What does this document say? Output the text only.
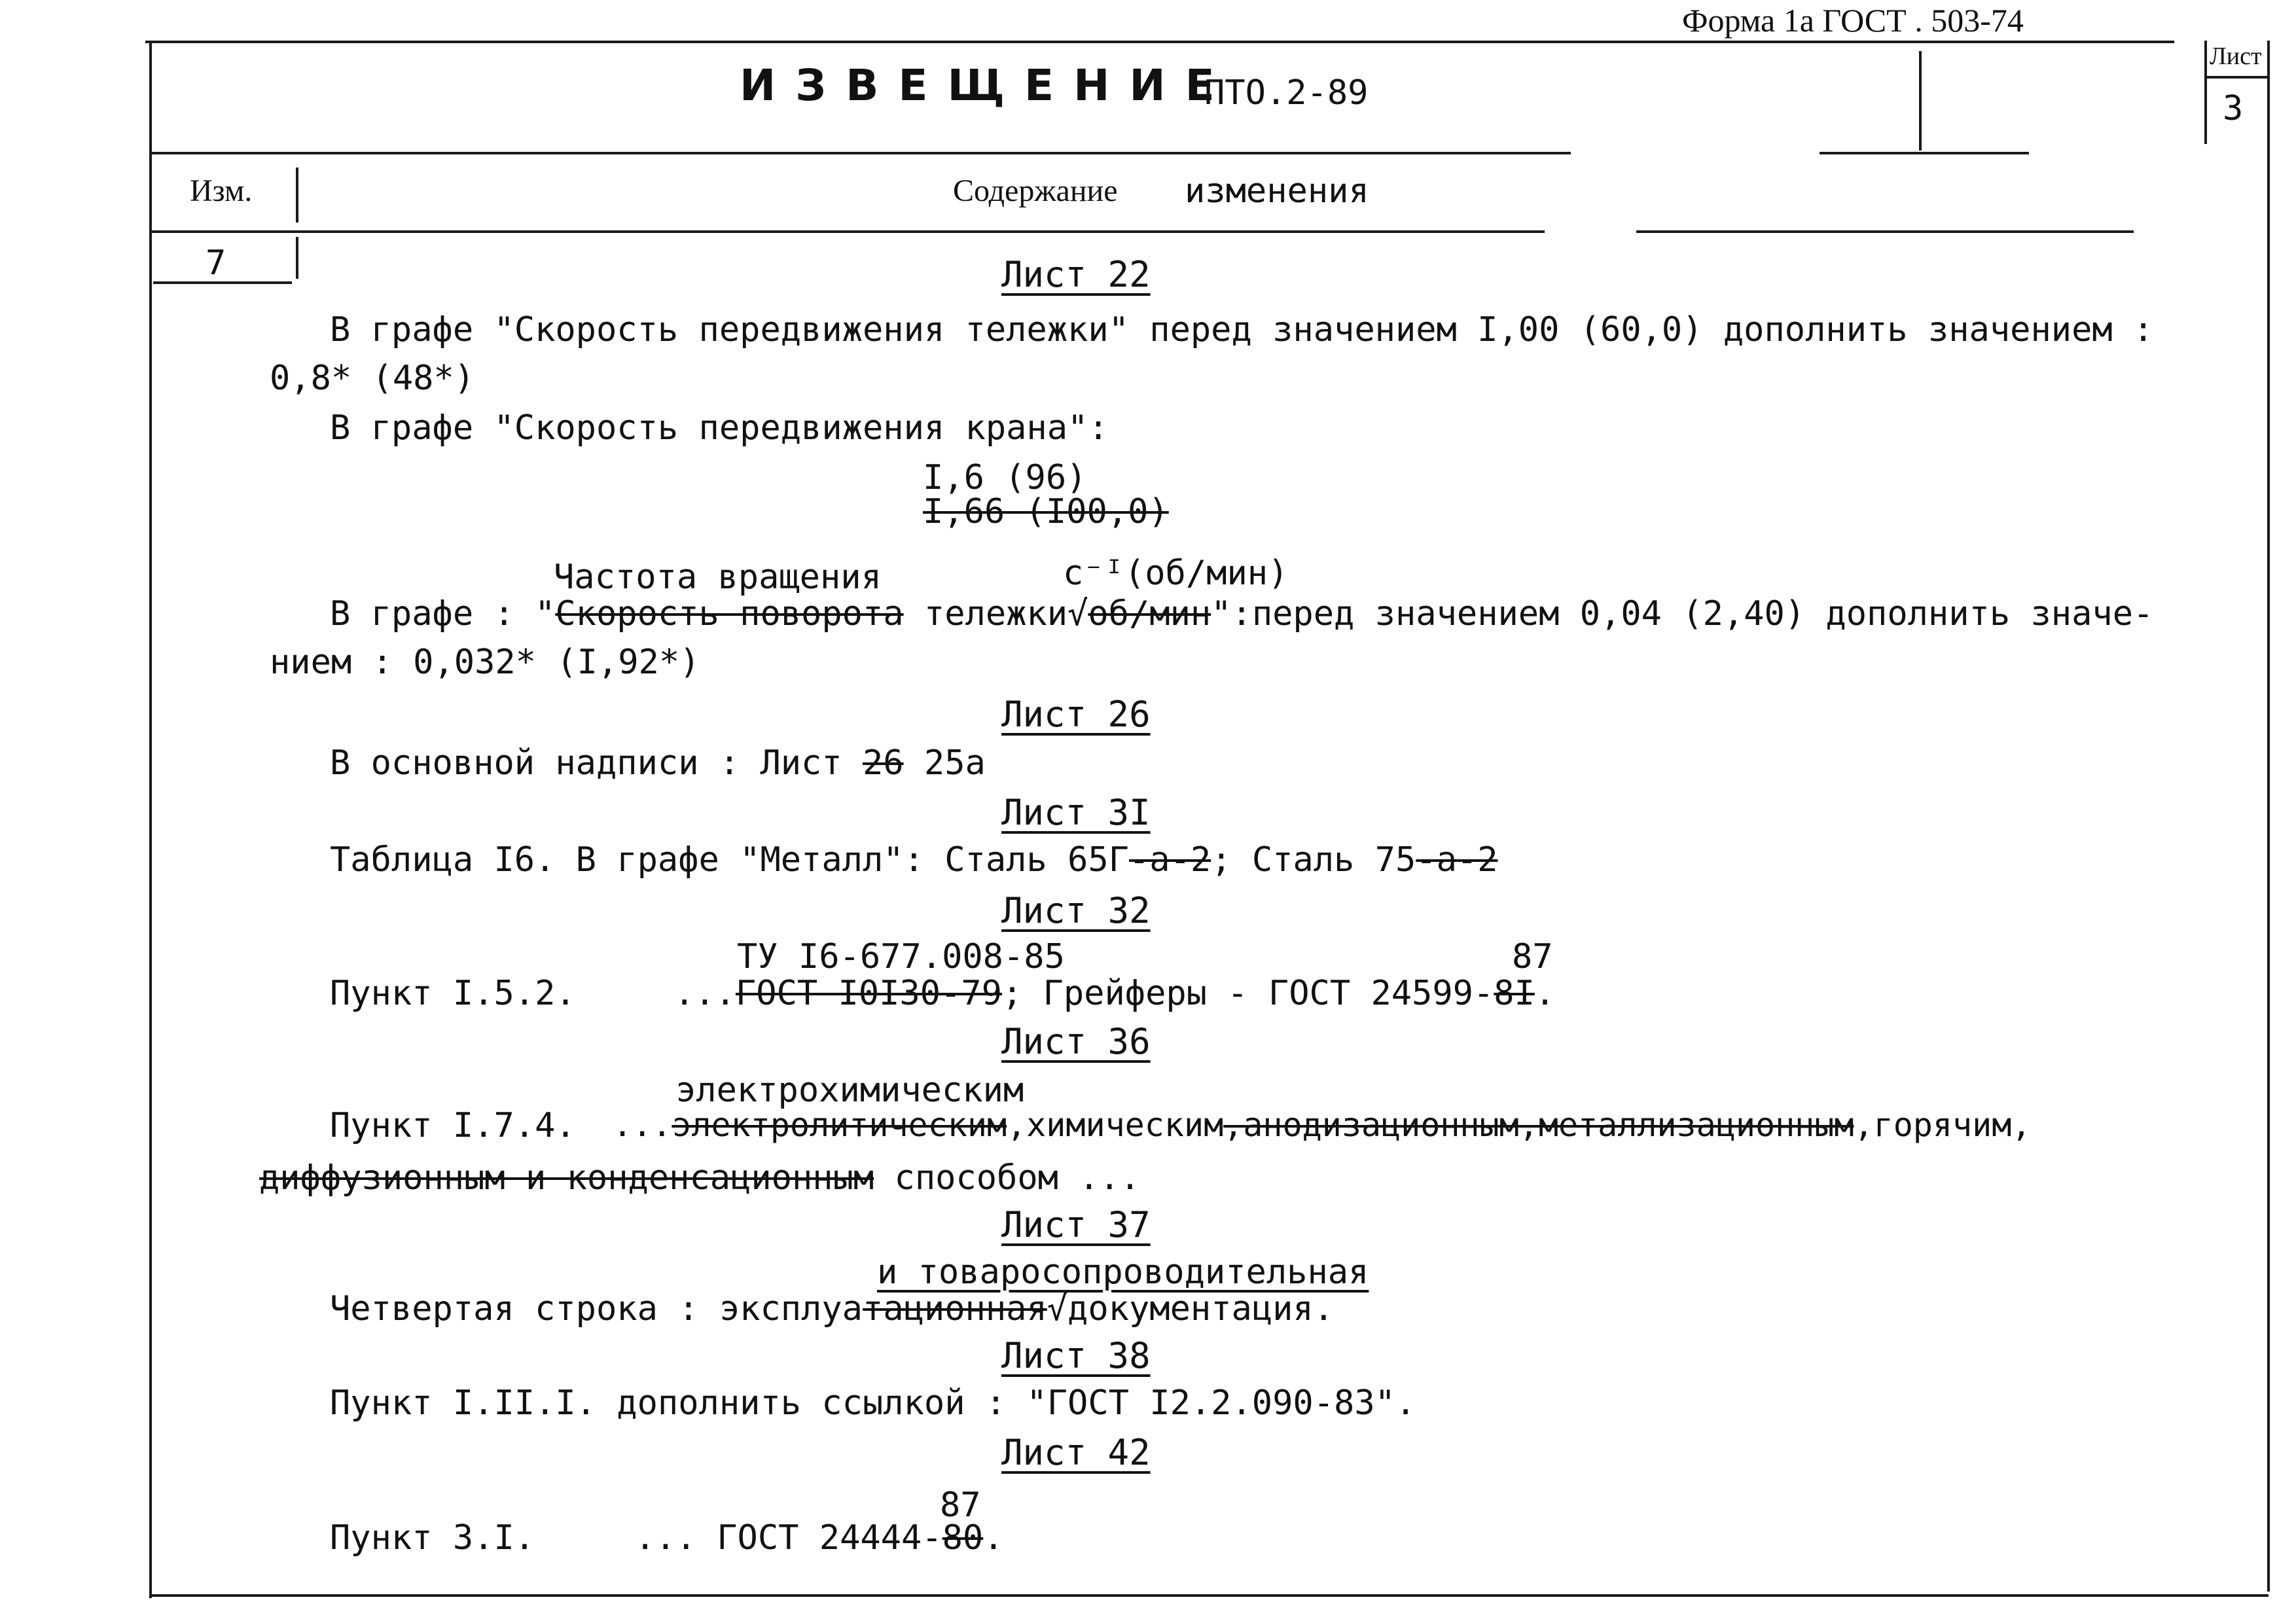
Форма 1а ГОСТ . 503-74
ИЗВЕЩЕНИЕ
ПТО.2-89
Лист
3
Изм.	Содержание изменения
7	Лист 22
В графе "Скорость передвижения тележки" перед значением I,00 (60,0) дополнить значением :
0,8* (48*)
В графе "Скорость передвижения крана":
I,6 (96)
I,66 (I00,0)
Частота вращения	с⁻ᴵ(об/мин)
В графе : "Скорость поворота тележки√об/мин":перед значением 0,04 (2,40) дополнить значе-
нием : 0,032* (I,92*)
Лист 26
В основной надписи : Лист 26 25а
Лист 3I
Таблица I6. В графе "Металл": Сталь 65Г-а-2; Сталь 75-а-2
Лист 32
ТУ I6-677.008-85	87
Пункт I.5.2.	...ГОСТ I0I30-79; Грейферы - ГОСТ 24599-8I.
Лист 36
электрохимическим
Пункт I.7.4. ...электролитическим,химическим,анодизационным,металлизационным,горячим,
диффузионным и конденсационным способом ...
Лист 37
и товаросопроводительная
Четвертая строка : эксплуатационная√документация.
Лист 38
Пункт I.II.I. дополнить ссылкой : "ГОСТ I2.2.090-83".
Лист 42
87
Пункт 3.I.	... ГОСТ 24444-80.
